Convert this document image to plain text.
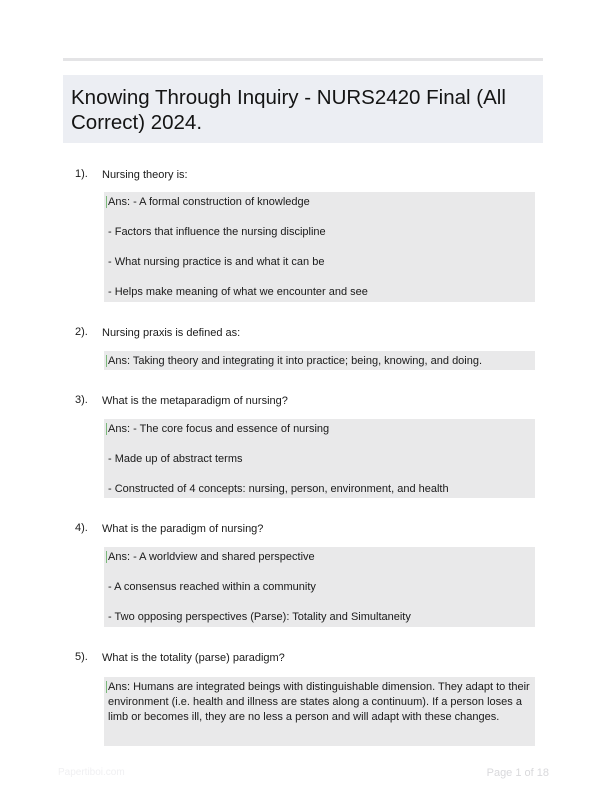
Knowing Through Inquiry - NURS2420 Final (All Correct) 2024.
1). Nursing theory is:

Ans: - A formal construction of knowledge

- Factors that influence the nursing discipline

- What nursing practice is and what it can be

- Helps make meaning of what we encounter and see

2). Nursing praxis is defined as:

Ans: Taking theory and integrating it into practice; being, knowing, and doing.

3). What is the metaparadigm of nursing?

Ans: - The core focus and essence of nursing

- Made up of abstract terms

- Constructed of 4 concepts: nursing, person, environment, and health

4). What is the paradigm of nursing?

Ans: - A worldview and shared perspective

- A consensus reached within a community

- Two opposing perspectives (Parse): Totality and Simultaneity

5). What is the totality (parse) paradigm?

Ans: Humans are integrated beings with distinguishable dimension. They adapt to their environment (i.e. health and illness are states along a continuum). If a person loses a limb or becomes ill, they are no less a person and will adapt with these changes.

Papertiboi.com	Page 1 of 18
